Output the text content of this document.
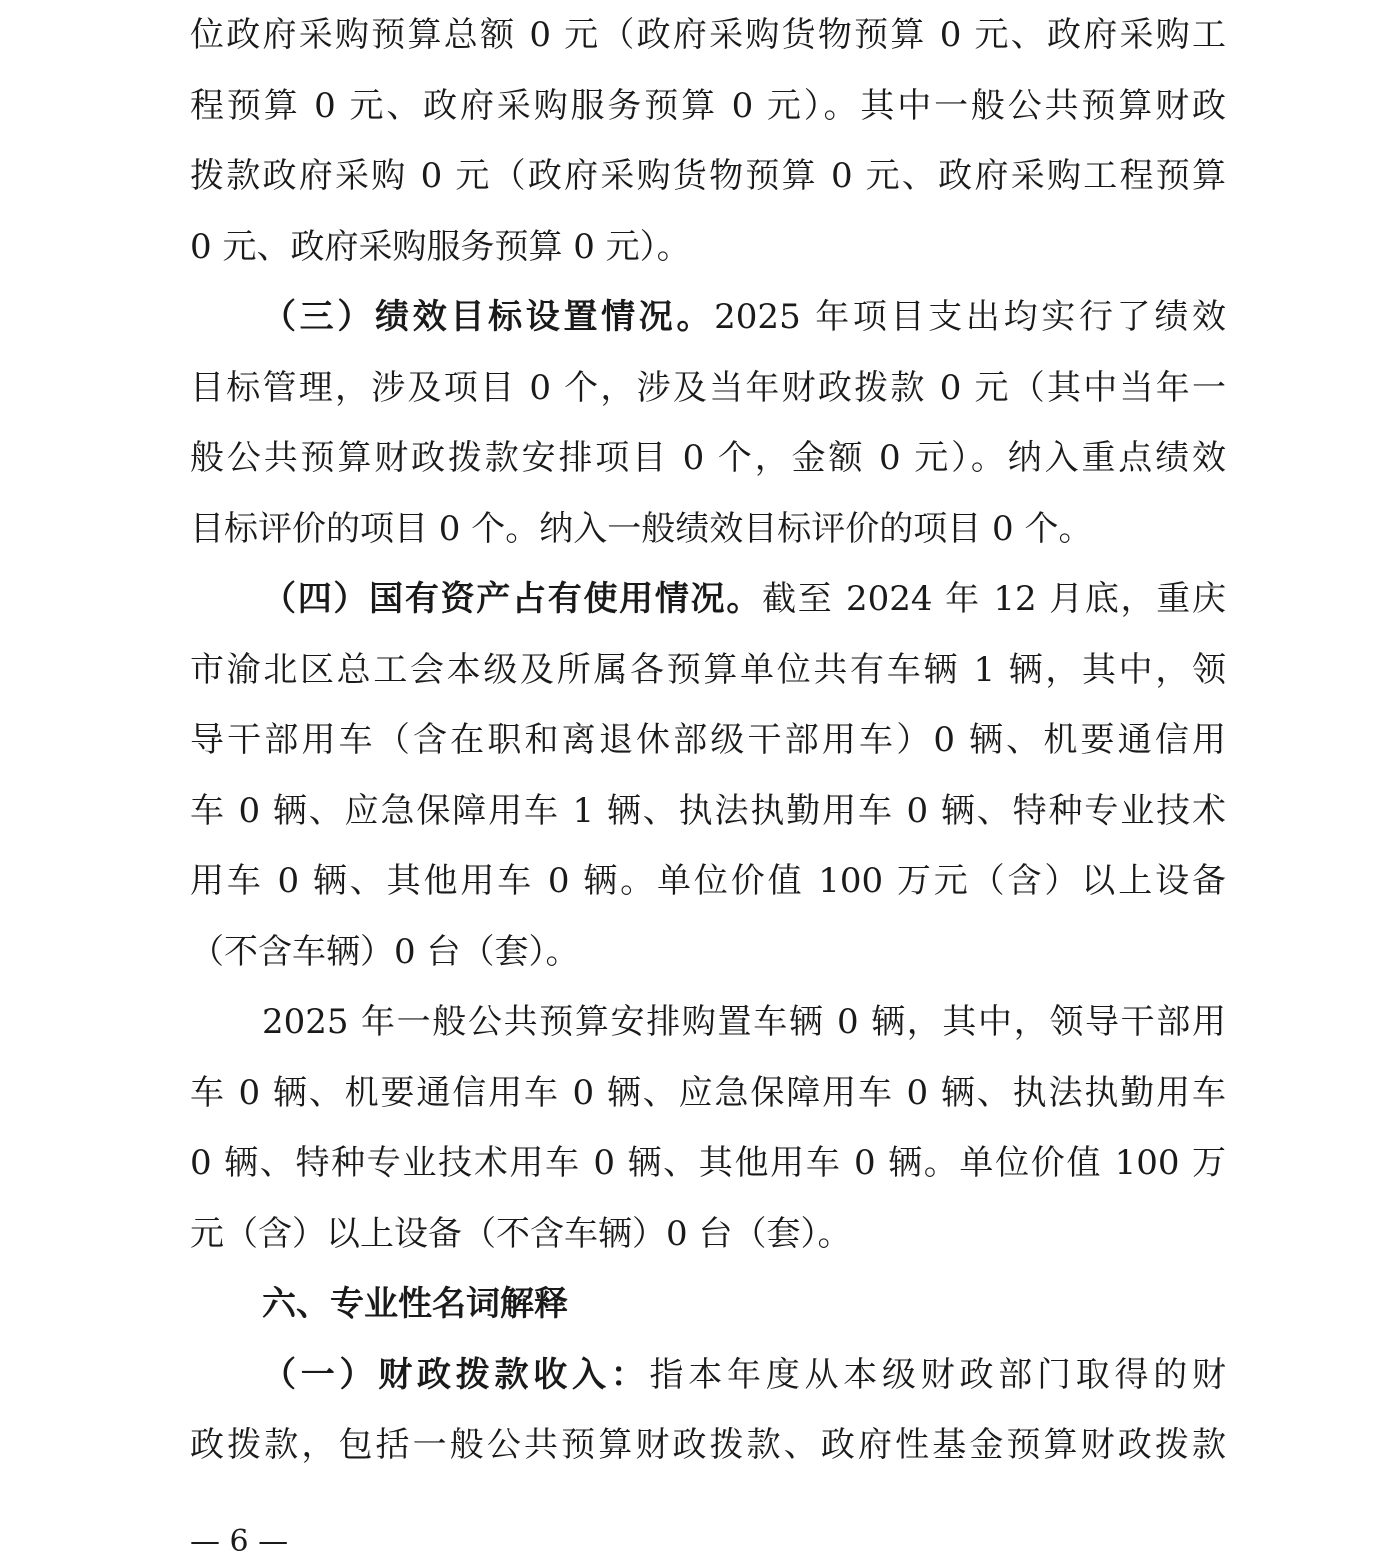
位政府采购预算总额 0 元（政府采购货物预算 0 元、政府采购工
程预算 0 元、政府采购服务预算 0 元）。其中一般公共预算财政
拨款政府采购 0 元（政府采购货物预算 0 元、政府采购工程预算
0 元、政府采购服务预算 0 元）。
（三）绩效目标设置情况。2025 年项目支出均实行了绩效
目标管理，涉及项目 0 个，涉及当年财政拨款 0 元（其中当年一
般公共预算财政拨款安排项目 0 个，金额 0 元）。纳入重点绩效
目标评价的项目 0 个。纳入一般绩效目标评价的项目 0 个。
（四）国有资产占有使用情况。截至 2024 年 12 月底，重庆
市渝北区总工会本级及所属各预算单位共有车辆 1 辆，其中，领
导干部用车（含在职和离退休部级干部用车）0 辆、机要通信用
车 0 辆、应急保障用车 1 辆、执法执勤用车 0 辆、特种专业技术
用车 0 辆、其他用车 0 辆。单位价值 100 万元（含）以上设备
（不含车辆）0 台（套）。
2025 年一般公共预算安排购置车辆 0 辆，其中，领导干部用
车 0 辆、机要通信用车 0 辆、应急保障用车 0 辆、执法执勤用车
0 辆、特种专业技术用车 0 辆、其他用车 0 辆。单位价值 100 万
元（含）以上设备（不含车辆）0 台（套）。
六、专业性名词解释
（一）财政拨款收入：指本年度从本级财政部门取得的财
政拨款，包括一般公共预算财政拨款、政府性基金预算财政拨款
— 6 —
